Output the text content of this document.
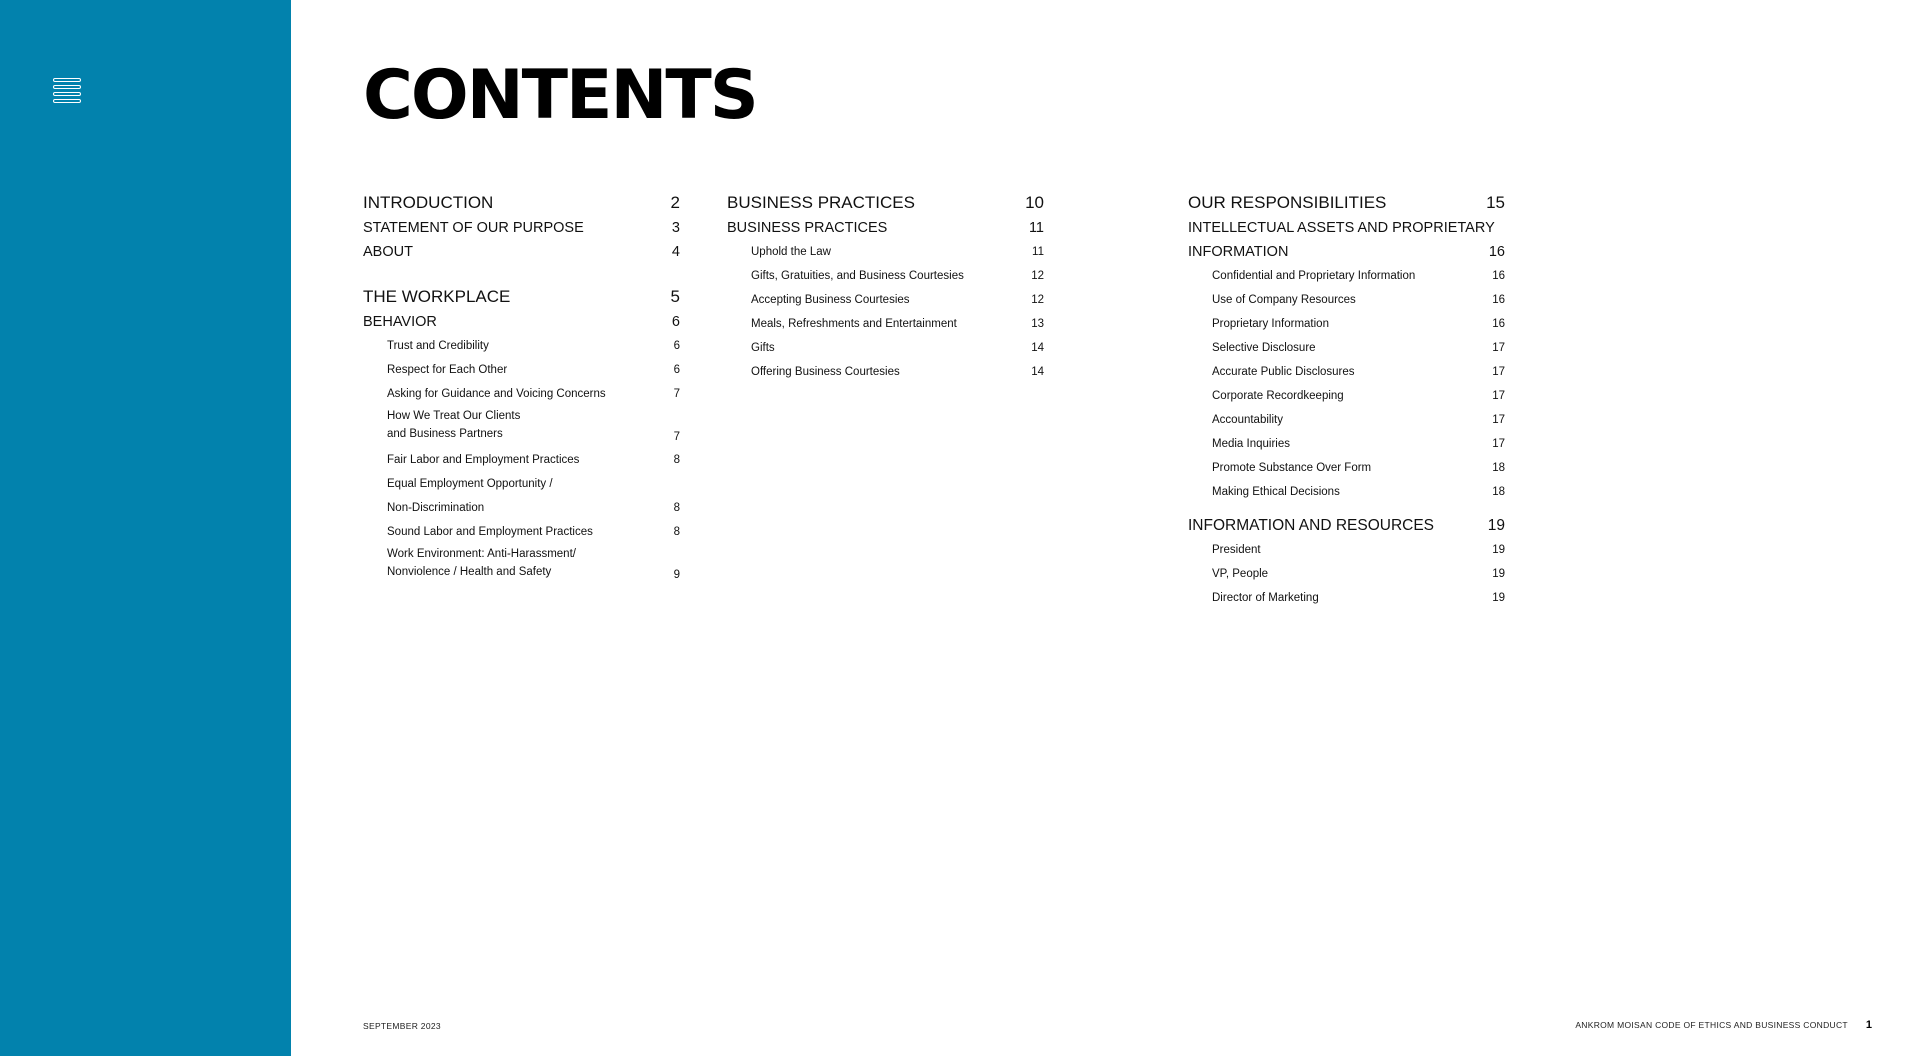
CONTENTS
INTRODUCTION	2
STATEMENT OF OUR PURPOSE	3
ABOUT	4
THE WORKPLACE	5
BEHAVIOR	6
Trust and Credibility	6
Respect for Each Other	6
Asking for Guidance and Voicing Concerns	7
How We Treat Our Clients
and Business Partners	7
Fair Labor and Employment Practices	8
Equal Employment Opportunity /
Non-Discrimination	8
Sound Labor and Employment Practices	8
Work Environment: Anti-Harassment/
Nonviolence / Health and Safety	9
BUSINESS PRACTICES	10
BUSINESS PRACTICES	11
Uphold the Law	11
Gifts, Gratuities, and Business Courtesies	12
Accepting Business Courtesies	12
Meals, Refreshments and Entertainment	13
Gifts	14
Offering Business Courtesies	14
OUR RESPONSIBILITIES	15
INTELLECTUAL ASSETS AND PROPRIETARY
INFORMATION	16
Confidential and Proprietary Information	16
Use of Company Resources	16
Proprietary Information	16
Selective Disclosure	17
Accurate Public Disclosures	17
Corporate Recordkeeping	17
Accountability	17
Media Inquiries	17
Promote Substance Over Form	18
Making Ethical Decisions	18
INFORMATION AND RESOURCES	19
President	19
VP, People	19
Director of Marketing	19
SEPTEMBER 2023	ANKROM MOISAN CODE OF ETHICS AND BUSINESS CONDUCT 1
